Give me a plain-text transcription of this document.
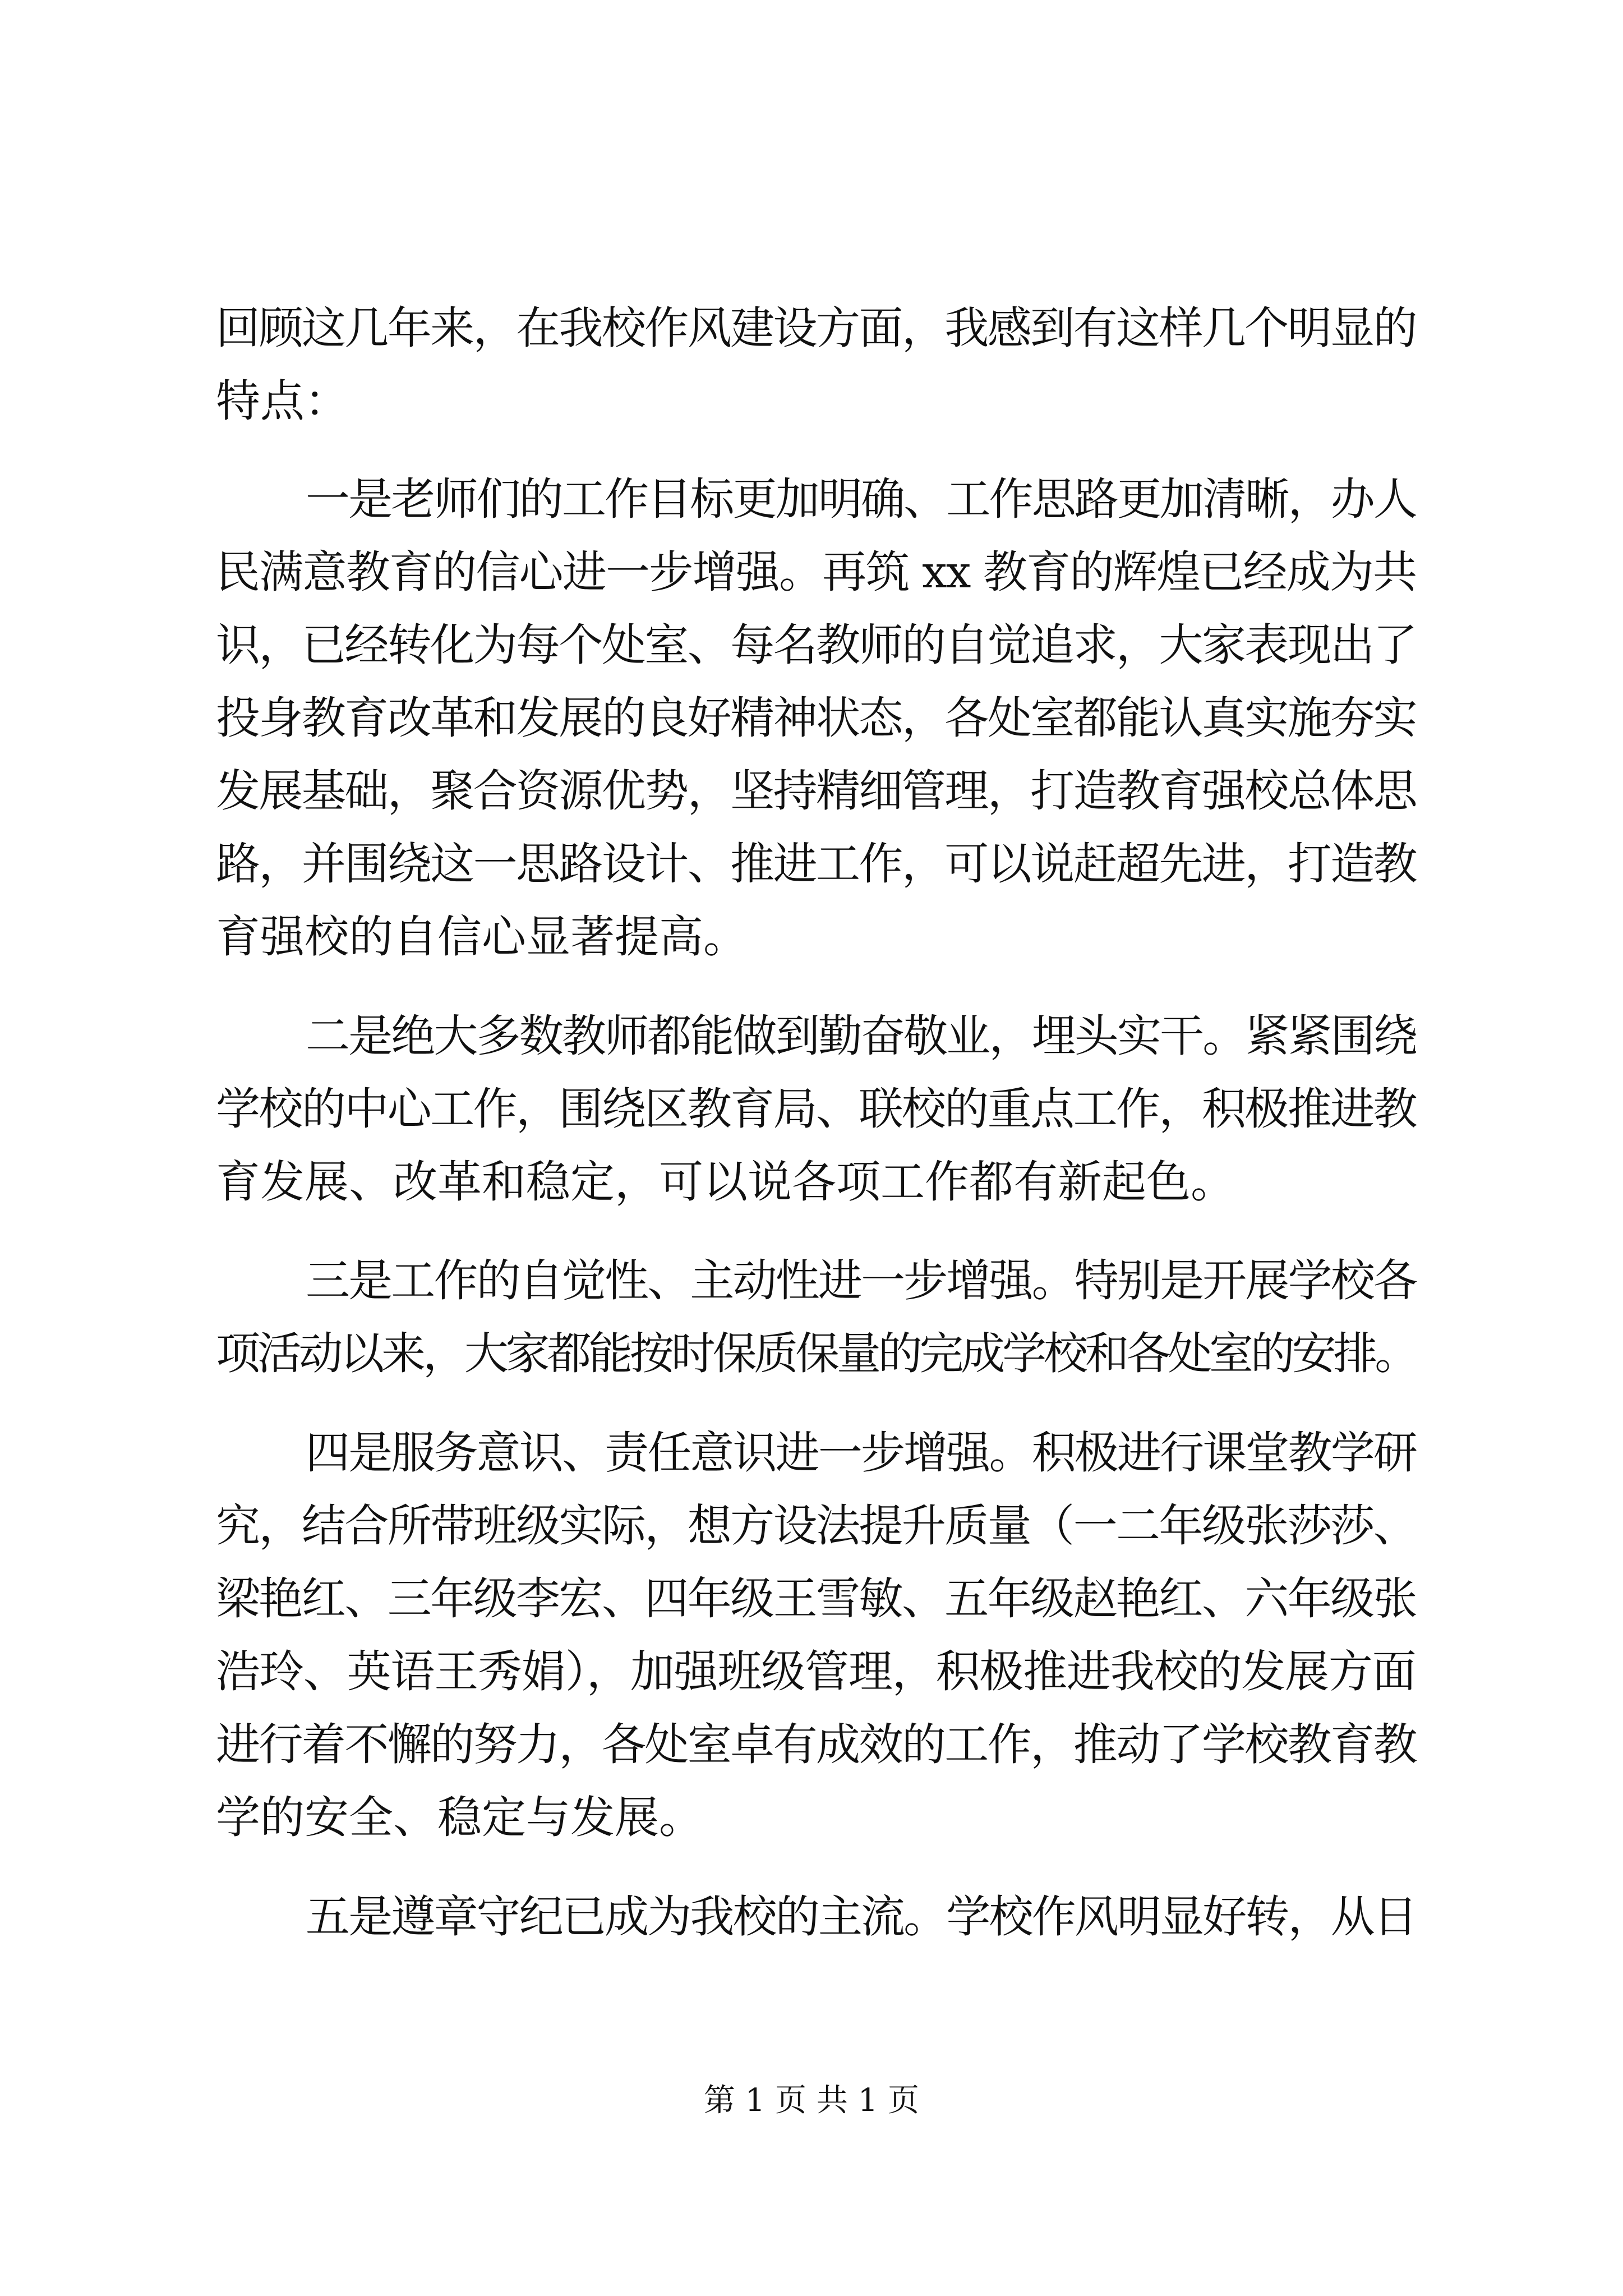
回顾这几年来，在我校作风建设方面，我感到有这样几个明显的
特点：
一是老师们的工作目标更加明确、工作思路更加清晰，办人
民满意教育的信心进一步增强。再筑 xx 教育的辉煌已经成为共
识，已经转化为每个处室、每名教师的自觉追求，大家表现出了
投身教育改革和发展的良好精神状态，各处室都能认真实施夯实
发展基础，聚合资源优势，坚持精细管理，打造教育强校总体思
路，并围绕这一思路设计、推进工作，可以说赶超先进，打造教
育强校的自信心显著提高。
二是绝大多数教师都能做到勤奋敬业，埋头实干。紧紧围绕
学校的中心工作，围绕区教育局、联校的重点工作，积极推进教
育发展、改革和稳定，可以说各项工作都有新起色。
三是工作的自觉性、主动性进一步增强。特别是开展学校各
项活动以来，大家都能按时保质保量的完成学校和各处室的安排。
四是服务意识、责任意识进一步增强。积极进行课堂教学研
究，结合所带班级实际，想方设法提升质量（一二年级张莎莎、
梁艳红、三年级李宏、四年级王雪敏、五年级赵艳红、六年级张
浩玲、英语王秀娟），加强班级管理，积极推进我校的发展方面
进行着不懈的努力，各处室卓有成效的工作，推动了学校教育教
学的安全、稳定与发展。
五是遵章守纪已成为我校的主流。学校作风明显好转，从日
第 1 页 共 1 页
